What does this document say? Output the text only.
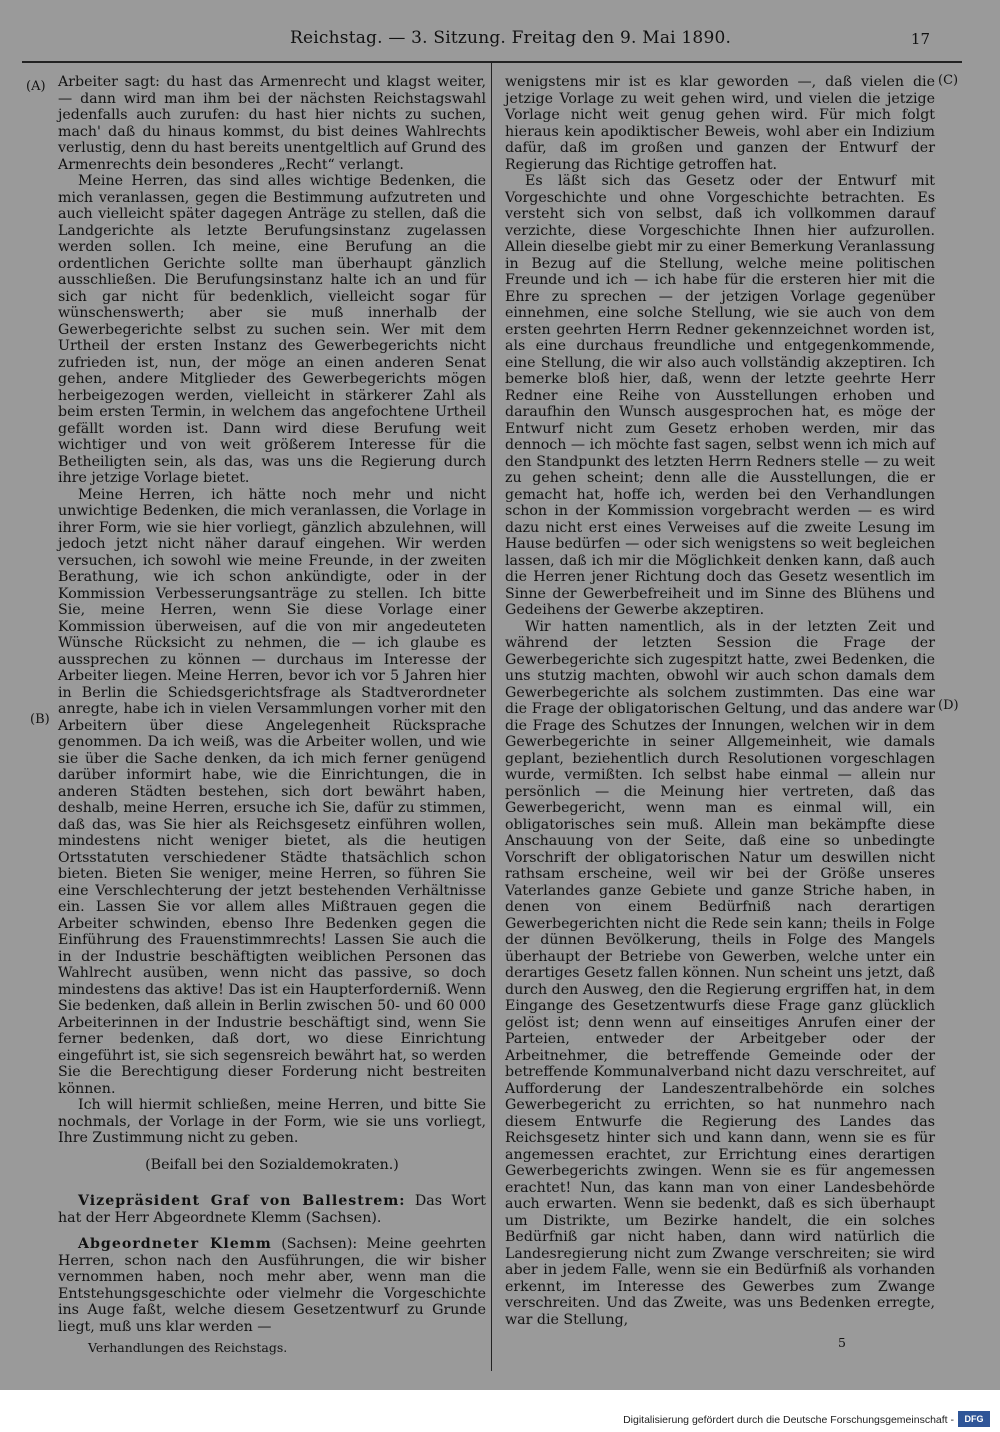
Reichstag. — 3. Sitzung. Freitag den 9. Mai 1890.	17
(A)
(B)
(C)
(D)

Arbeiter sagt: du hast das Armenrecht und klagst weiter, — dann wird man ihm bei der nächsten Reichstagswahl jedenfalls auch zurufen: du hast hier nichts zu suchen, mach' daß du hinaus kommst, du bist deines Wahlrechts verlustig, denn du hast bereits unentgeltlich auf Grund des Armenrechts dein besonderes „Recht“ verlangt.

Meine Herren, das sind alles wichtige Bedenken, die mich veranlassen, gegen die Bestimmung aufzutreten und auch vielleicht später dagegen Anträge zu stellen, daß die Landgerichte als letzte Berufungsinstanz zugelassen werden sollen. Ich meine, eine Berufung an die ordentlichen Gerichte sollte man überhaupt gänzlich ausschließen. Die Berufungsinstanz halte ich an und für sich gar nicht für bedenklich, vielleicht sogar für wünschenswerth; aber sie muß innerhalb der Gewerbegerichte selbst zu suchen sein. Wer mit dem Urtheil der ersten Instanz des Gewerbegerichts nicht zufrieden ist, nun, der möge an einen anderen Senat gehen, andere Mitglieder des Gewerbegerichts mögen herbeigezogen werden, vielleicht in stärkerer Zahl als beim ersten Termin, in welchem das angefochtene Urtheil gefällt worden ist. Dann wird diese Berufung weit wichtiger und von weit größerem Interesse für die Betheiligten sein, als das, was uns die Regierung durch ihre jetzige Vorlage bietet.

Meine Herren, ich hätte noch mehr und nicht unwichtige Bedenken, die mich veranlassen, die Vorlage in ihrer Form, wie sie hier vorliegt, gänzlich abzulehnen, will jedoch jetzt nicht näher darauf eingehen. Wir werden versuchen, ich sowohl wie meine Freunde, in der zweiten Berathung, wie ich schon ankündigte, oder in der Kommission Verbesserungsanträge zu stellen. Ich bitte Sie, meine Herren, wenn Sie diese Vorlage einer Kommission überweisen, auf die von mir angedeuteten Wünsche Rücksicht zu nehmen, die — ich glaube es aussprechen zu können — durchaus im Interesse der Arbeiter liegen. Meine Herren, bevor ich vor 5 Jahren hier in Berlin die Schiedsgerichtsfrage als Stadtverordneter anregte, habe ich in vielen Versammlungen vorher mit den Arbeitern über diese Angelegenheit Rücksprache genommen. Da ich weiß, was die Arbeiter wollen, und wie sie über die Sache denken, da ich mich ferner genügend darüber informirt habe, wie die Einrichtungen, die in anderen Städten bestehen, sich dort bewährt haben, deshalb, meine Herren, ersuche ich Sie, dafür zu stimmen, daß das, was Sie hier als Reichsgesetz einführen wollen, mindestens nicht weniger bietet, als die heutigen Ortsstatuten verschiedener Städte thatsächlich schon bieten. Bieten Sie weniger, meine Herren, so führen Sie eine Verschlechterung der jetzt bestehenden Verhältnisse ein. Lassen Sie vor allem alles Mißtrauen gegen die Arbeiter schwinden, ebenso Ihre Bedenken gegen die Einführung des Frauenstimmrechts! Lassen Sie auch die in der Industrie beschäftigten weiblichen Personen das Wahlrecht ausüben, wenn nicht das passive, so doch mindestens das aktive! Das ist ein Haupterforderniß. Wenn Sie bedenken, daß allein in Berlin zwischen 50- und 60 000 Arbeiterinnen in der Industrie beschäftigt sind, wenn Sie ferner bedenken, daß dort, wo diese Einrichtung eingeführt ist, sie sich segensreich bewährt hat, so werden Sie die Berechtigung dieser Forderung nicht bestreiten können.

Ich will hiermit schließen, meine Herren, und bitte Sie nochmals, der Vorlage in der Form, wie sie uns vorliegt, Ihre Zustimmung nicht zu geben.

(Beifall bei den Sozialdemokraten.)

Vizepräsident Graf von Ballestrem: Das Wort hat der Herr Abgeordnete Klemm (Sachsen).

Abgeordneter Klemm (Sachsen): Meine geehrten Herren, schon nach den Ausführungen, die wir bisher vernommen haben, noch mehr aber, wenn man die Entstehungsgeschichte oder vielmehr die Vorgeschichte ins Auge faßt, welche diesem Gesetzentwurf zu Grunde liegt, muß uns klar werden —

wenigstens mir ist es klar geworden —, daß vielen die jetzige Vorlage zu weit gehen wird, und vielen die jetzige Vorlage nicht weit genug gehen wird. Für mich folgt hieraus kein apodiktischer Beweis, wohl aber ein Indizium dafür, daß im großen und ganzen der Entwurf der Regierung das Richtige getroffen hat.

Es läßt sich das Gesetz oder der Entwurf mit Vorgeschichte und ohne Vorgeschichte betrachten. Es versteht sich von selbst, daß ich vollkommen darauf verzichte, diese Vorgeschichte Ihnen hier aufzurollen. Allein dieselbe giebt mir zu einer Bemerkung Veranlassung in Bezug auf die Stellung, welche meine politischen Freunde und ich — ich habe für die ersteren hier mit die Ehre zu sprechen — der jetzigen Vorlage gegenüber einnehmen, eine solche Stellung, wie sie auch von dem ersten geehrten Herrn Redner gekennzeichnet worden ist, als eine durchaus freundliche und entgegenkommende, eine Stellung, die wir also auch vollständig akzeptiren. Ich bemerke bloß hier, daß, wenn der letzte geehrte Herr Redner eine Reihe von Ausstellungen erhoben und daraufhin den Wunsch ausgesprochen hat, es möge der Entwurf nicht zum Gesetz erhoben werden, mir das dennoch — ich möchte fast sagen, selbst wenn ich mich auf den Standpunkt des letzten Herrn Redners stelle — zu weit zu gehen scheint; denn alle die Ausstellungen, die er gemacht hat, hoffe ich, werden bei den Verhandlungen schon in der Kommission vorgebracht werden — es wird dazu nicht erst eines Verweises auf die zweite Lesung im Hause bedürfen — oder sich wenigstens so weit begleichen lassen, daß ich mir die Möglichkeit denken kann, daß auch die Herren jener Richtung doch das Gesetz wesentlich im Sinne der Gewerbefreiheit und im Sinne des Blühens und Gedeihens der Gewerbe akzeptiren.

Wir hatten namentlich, als in der letzten Zeit und während der letzten Session die Frage der Gewerbegerichte sich zugespitzt hatte, zwei Bedenken, die uns stutzig machten, obwohl wir auch schon damals dem Gewerbegerichte als solchem zustimmten. Das eine war die Frage der obligatorischen Geltung, und das andere war die Frage des Schutzes der Innungen, welchen wir in dem Gewerbegerichte in seiner Allgemeinheit, wie damals geplant, beziehentlich durch Resolutionen vorgeschlagen wurde, vermißten. Ich selbst habe einmal — allein nur persönlich — die Meinung hier vertreten, daß das Gewerbegericht, wenn man es einmal will, ein obligatorisches sein muß. Allein man bekämpfte diese Anschauung von der Seite, daß eine so unbedingte Vorschrift der obligatorischen Natur um deswillen nicht rathsam erscheine, weil wir bei der Größe unseres Vaterlandes ganze Gebiete und ganze Striche haben, in denen von einem Bedürfniß nach derartigen Gewerbegerichten nicht die Rede sein kann; theils in Folge der dünnen Bevölkerung, theils in Folge des Mangels überhaupt der Betriebe von Gewerben, welche unter ein derartiges Gesetz fallen können. Nun scheint uns jetzt, daß durch den Ausweg, den die Regierung ergriffen hat, in dem Eingange des Gesetzentwurfs diese Frage ganz glücklich gelöst ist; denn wenn auf einseitiges Anrufen einer der Parteien, entweder der Arbeitgeber oder der Arbeitnehmer, die betreffende Gemeinde oder der betreffende Kommunalverband nicht dazu verschreitet, auf Aufforderung der Landeszentralbehörde ein solches Gewerbegericht zu errichten, so hat nunmehro nach diesem Entwurfe die Regierung des Landes das Reichsgesetz hinter sich und kann dann, wenn sie es für angemessen erachtet, zur Errichtung eines derartigen Gewerbegerichts zwingen. Wenn sie es für angemessen erachtet! Nun, das kann man von einer Landesbehörde auch erwarten. Wenn sie bedenkt, daß es sich überhaupt um Distrikte, um Bezirke handelt, die ein solches Bedürfniß gar nicht haben, dann wird natürlich die Landesregierung nicht zum Zwange verschreiten; sie wird aber in jedem Falle, wenn sie ein Bedürfniß als vorhanden erkennt, im Interesse des Gewerbes zum Zwange verschreiten. Und das Zweite, was uns Bedenken erregte, war die Stellung,

Verhandlungen des Reichstags.	5
Digitalisierung gefördert durch die Deutsche Forschungsgemeinschaft -	DFG
